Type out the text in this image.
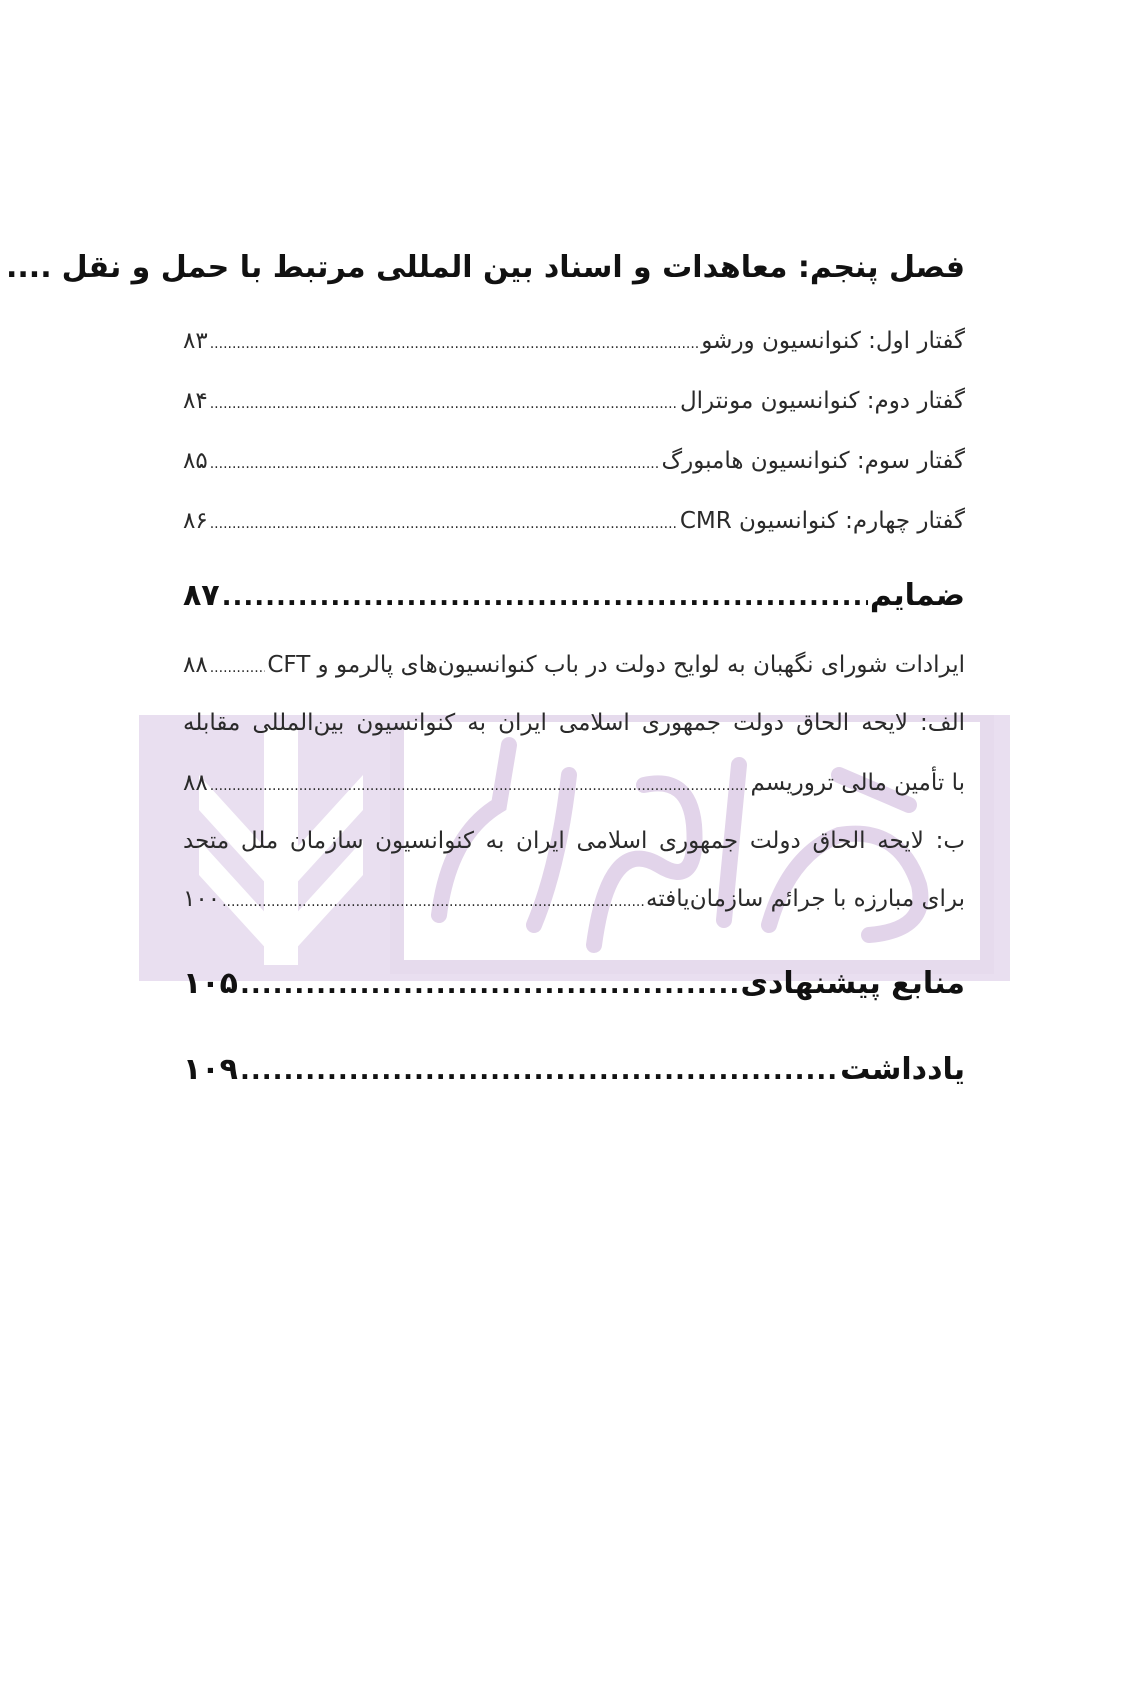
فصل پنجم: معاهدات و اسناد بین المللی مرتبط با حمل و نقل
....
گفتار اول: کنوانسیون ورشو
.....
۸۳
گفتار دوم: کنوانسیون مونترال
.....
۸۴
گفتار سوم: کنوانسیون هامبورگ
.....
۸۵
گفتار چهارم: کنوانسیون CMR
.....
۸۶
ضمایم
.....
۸۷
ایرادات شورای نگهبان به لوایح دولت در باب کنوانسیون‌های پالرمو و CFT
.....
۸۸
الف: لایحه الحاق دولت جمهوری اسلامی ایران به کنوانسیون بین‌المللی مقابله
با تأمین مالی تروریسم
.....
۸۸
ب: لایحه الحاق دولت جمهوری اسلامی ایران به کنوانسیون سازمان ملل متحد
برای مبارزه با جرائم سازمان‌یافته
.....
۱۰۰
منابع پیشنهادی
.....
۱۰۵
یادداشت
.....
۱۰۹
